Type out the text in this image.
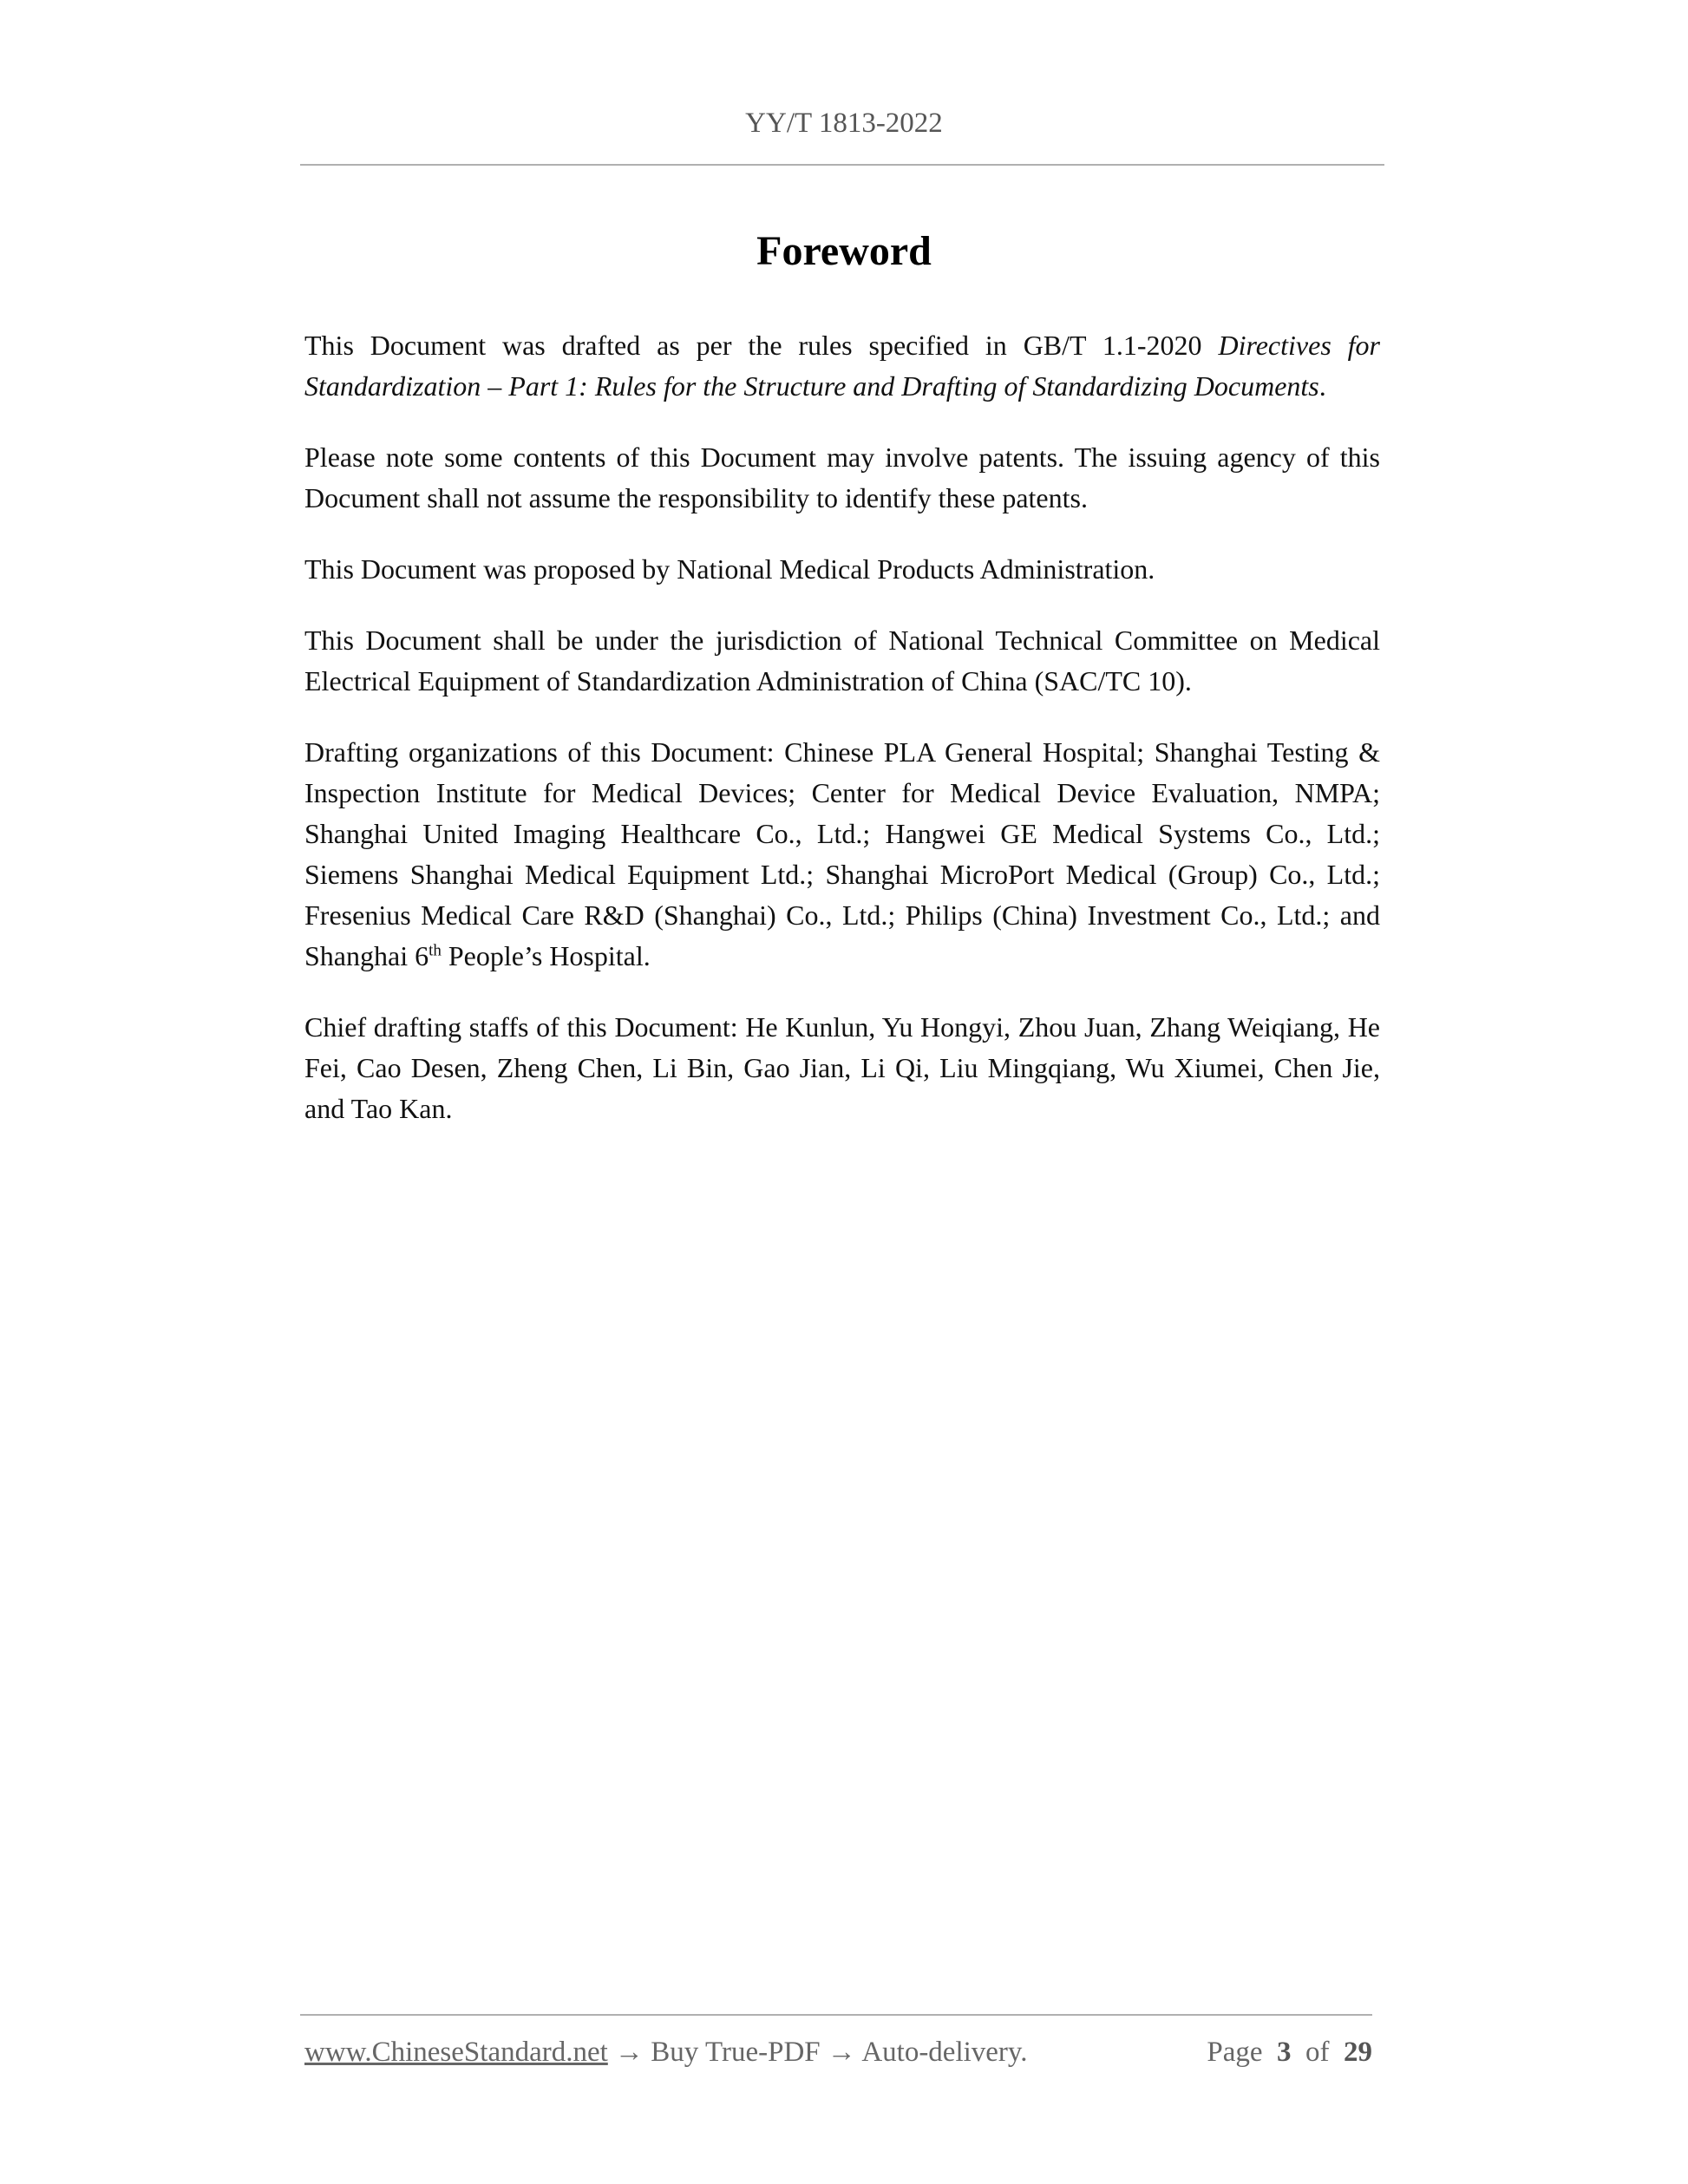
YY/T 1813-2022
Foreword

This Document was drafted as per the rules specified in GB/T 1.1-2020 Directives for Standardization – Part 1: Rules for the Structure and Drafting of Standardizing Documents.

Please note some contents of this Document may involve patents. The issuing agency of this Document shall not assume the responsibility to identify these patents.

This Document was proposed by National Medical Products Administration.

This Document shall be under the jurisdiction of National Technical Committee on Medical Electrical Equipment of Standardization Administration of China (SAC/TC 10).

Drafting organizations of this Document: Chinese PLA General Hospital; Shanghai Testing & Inspection Institute for Medical Devices; Center for Medical Device Evaluation, NMPA; Shanghai United Imaging Healthcare Co., Ltd.; Hangwei GE Medical Systems Co., Ltd.; Siemens Shanghai Medical Equipment Ltd.; Shanghai MicroPort Medical (Group) Co., Ltd.; Fresenius Medical Care R&D (Shanghai) Co., Ltd.; Philips (China) Investment Co., Ltd.; and Shanghai 6th People’s Hospital.

Chief drafting staffs of this Document: He Kunlun, Yu Hongyi, Zhou Juan, Zhang Weiqiang, He Fei, Cao Desen, Zheng Chen, Li Bin, Gao Jian, Li Qi, Liu Mingqiang, Wu Xiumei, Chen Jie, and Tao Kan.

www.ChineseStandard.net → Buy True-PDF → Auto-delivery.	Page 3 of 29
